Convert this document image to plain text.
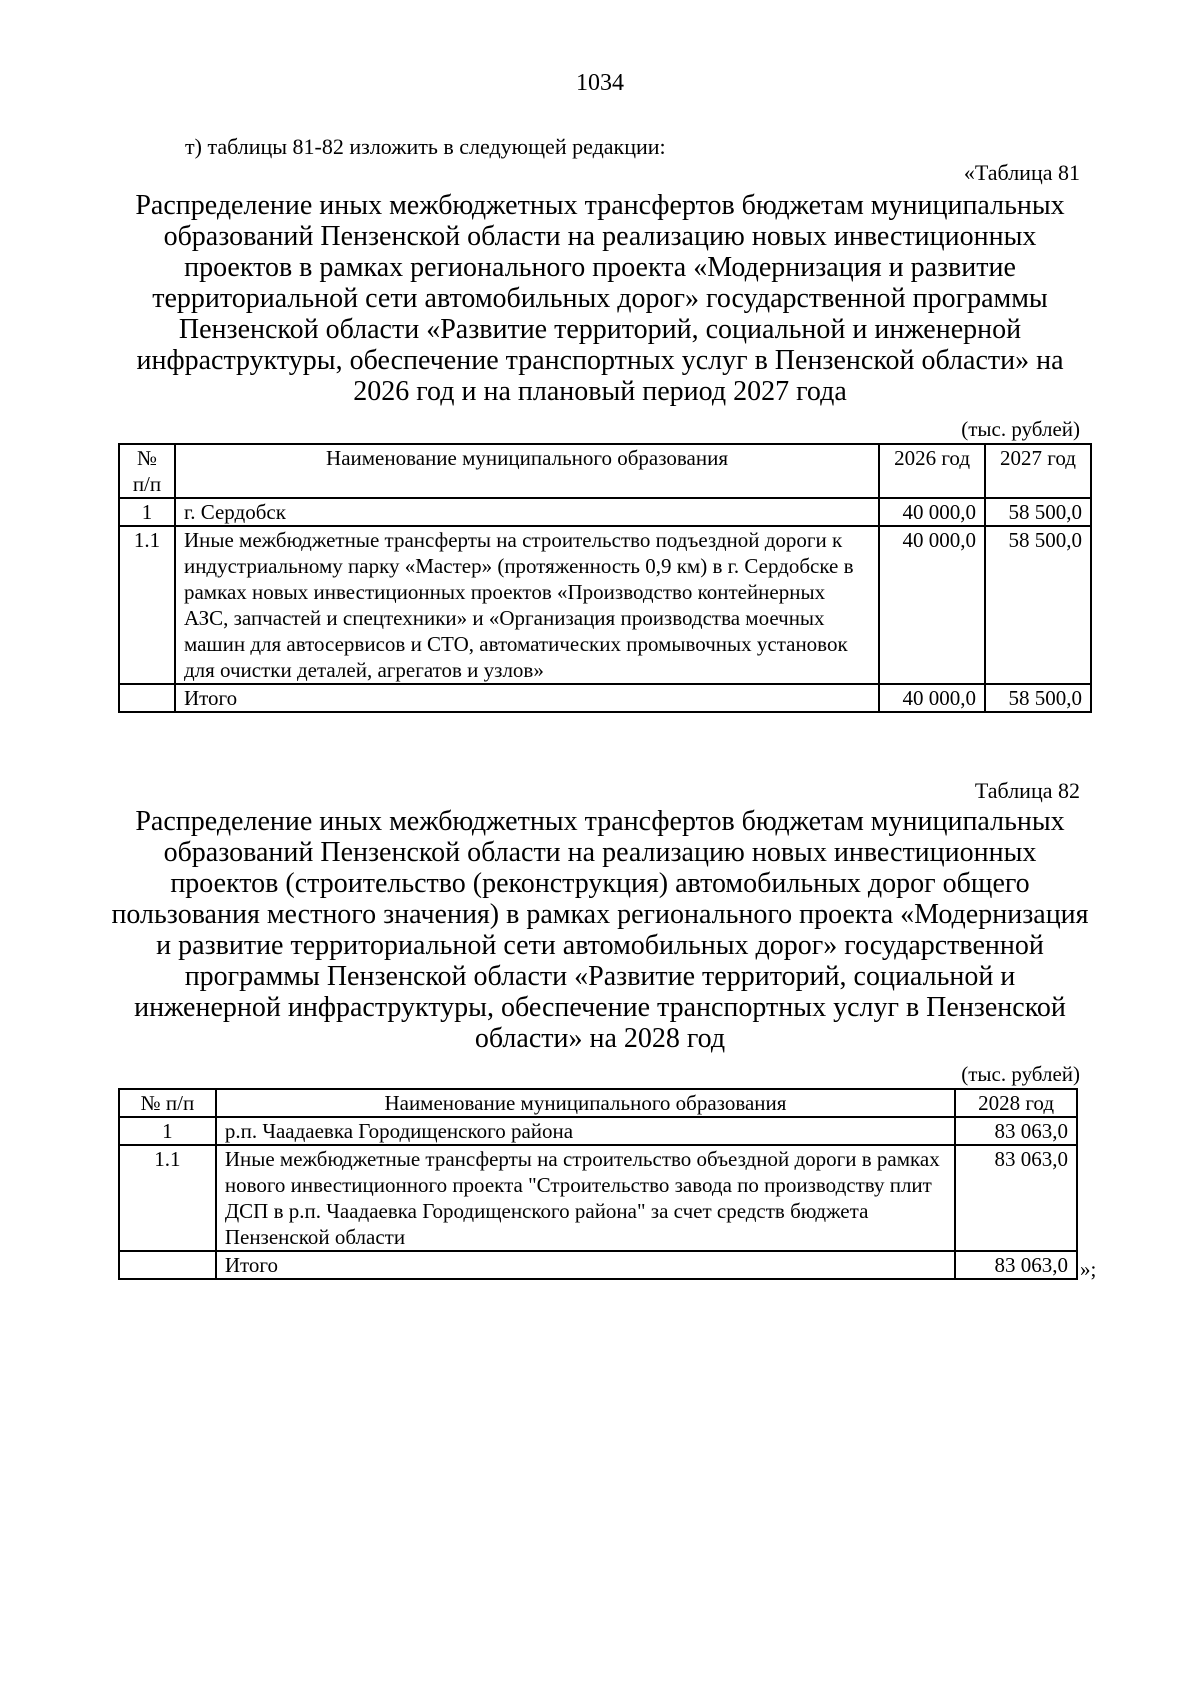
1034
т) таблицы 81-82 изложить в следующей редакции:
«Таблица 81
Распределение иных межбюджетных трансфертов бюджетам муниципальных образований Пензенской области на реализацию новых инвестиционных проектов в рамках регионального проекта «Модернизация и развитие территориальной сети автомобильных дорог» государственной программы Пензенской области «Развитие территорий, социальной и инженерной инфраструктуры, обеспечение транспортных услуг в Пензенской области» на 2026 год и на плановый период 2027 года
(тыс. рублей)
№ п/п	Наименование муниципального образования	2026 год	2027 год
1	г. Сердобск	40 000,0	58 500,0
1.1	Иные межбюджетные трансферты на строительство подъездной дороги к индустриальному парку «Мастер» (протяженность 0,9 км) в г. Сердобске в рамках новых инвестиционных проектов «Производство контейнерных АЗС, запчастей и спецтехники» и «Организация производства моечных машин для автосервисов и СТО, автоматических промывочных установок для очистки деталей, агрегатов и узлов»	40 000,0	58 500,0
	Итого	40 000,0	58 500,0
Таблица 82
Распределение иных межбюджетных трансфертов бюджетам муниципальных образований Пензенской области на реализацию новых инвестиционных проектов (строительство (реконструкция) автомобильных дорог общего пользования местного значения) в рамках регионального проекта «Модернизация и развитие территориальной сети автомобильных дорог» государственной программы Пензенской области «Развитие территорий, социальной и инженерной инфраструктуры, обеспечение транспортных услуг в Пензенской области» на 2028 год
(тыс. рублей)
№ п/п	Наименование муниципального образования	2028 год
1	р.п. Чаадаевка Городищенского района	83 063,0
1.1	Иные межбюджетные трансферты на строительство объездной дороги в рамках нового инвестиционного проекта "Строительство завода по производству плит ДСП в р.п. Чаадаевка Городищенского района" за счет средств бюджета Пензенской области	83 063,0
	Итого	83 063,0 »;
